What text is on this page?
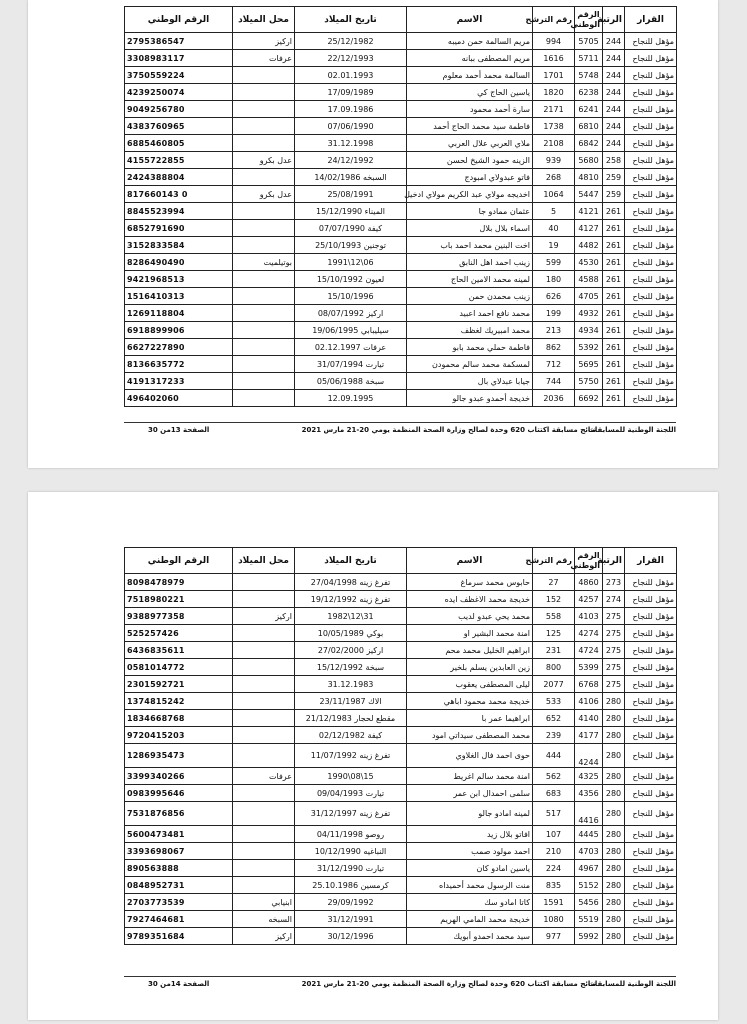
القرار	الرتبة	الرقم الوطني	رقم الترشح	الاسم	تاريخ الميلاد	محل الميلاد	الرقم الوطني
مؤهل للنجاح	244	5705	994	مريم السالمة حمن دميبه	25/12/1982	اركيز	2795386547
مؤهل للنجاح	244	5711	1616	مريم المصطفى ببانه	22/12/1993	عرفات	3308983117
مؤهل للنجاح	244	5748	1701	السالمة محمد أحمد معلوم	02.01.1993		3750559224
مؤهل للنجاح	244	6238	1820	ياسين الحاج كي	17/09/1989		4239250074
مؤهل للنجاح	244	6241	2171	سارة أحمد محمود	17.09.1986		9049256780
مؤهل للنجاح	244	6810	1738	فاطمة سيد محمد الحاج أحمد	07/06/1990		4383760965
مؤهل للنجاح	244	6842	2108	ملاي العربي علال العربي	31.12.1998		6885460805
مؤهل للنجاح	258	5680	939	الزينه حمود الشيخ لحسن	24/12/1992	عدل بكرو	4155722855
مؤهل للنجاح	259	4810	268	فاتو عبدولاي امبودج	السبخه 14/02/1986		2424388804
مؤهل للنجاح	259	5447	1064	اخديجه مولاي عبد الكريم مولاي ادخيل	25/08/1991	عدل بكرو	0 817660143
مؤهل للنجاح	261	4121	5	عثمان ممادو جا	الميناء 15/12/1990		8845523994
مؤهل للنجاح	261	4127	40	اسماء بلال بلال	كيفة 07/07/1990		6852791690
مؤهل للنجاح	261	4482	19	اخت البنين محمد احمد باب	توجنين 25/10/1993		3152833584
مؤهل للنجاح	261	4530	599	زينب احمد اهل النابق	06\12\1991	بوتيلميت	8286490490
مؤهل للنجاح	261	4588	180	لمينه محمد الامين الحاج	لعيون 15/10/1992		9421968513
مؤهل للنجاح	261	4705	626	زينب محمدن حمن	15/10/1996		1516410313
مؤهل للنجاح	261	4932	199	محمد نافع احمد اعبيد	اركيز 08/07/1992		1269118804
مؤهل للنجاح	261	4934	213	محمد امبيريك لغظف	سيليبابي 19/06/1995		6918899906
مؤهل للنجاح	261	5392	862	فاطمة حملي محمد بابو	عرفات 02.12.1997		6627227890
مؤهل للنجاح	261	5695	712	لمسكمة محمد سالم محمودن	تيارت 31/07/1994		8136635772
مؤهل للنجاح	261	5750	744	جيابا عبدلاي بال	سبخة 05/06/1988		4191317233
مؤهل للنجاح	261	6692	2036	خديجة أحمدو عبدو جالو	12.09.1995		496402060
اللجنة الوطنية للمسابقات -
نتائج مسابقة اكتتاب 620 وحدة لصالح وزارة الصحة المنظمة يومي 20-21 مارس 2021
الصفحة 13من 30
القرار	الرتبة	الرقم الوطني	رقم الترشح	الاسم	تاريخ الميلاد	محل الميلاد	الرقم الوطني
مؤهل للنجاح	273	4860	27	حابوس محمد سرماغ	تفرغ زينه 27/04/1998		8098478979
مؤهل للنجاح	274	4257	152	خديجة محمد الاغظف ايده	تفرغ زينه 19/12/1992		7518980221
مؤهل للنجاح	275	4103	558	محمد يحي عبدو لديب	31\12\1982	اركيز	9388977358
مؤهل للنجاح	275	4274	125	امنة محمد البشير او	بوكي 10/05/1989		525257426
مؤهل للنجاح	275	4724	231	ابراهيم الخليل محمد محم	اركيز 27/02/2000		6436835611
مؤهل للنجاح	275	5399	800	زين العابدين يسلم بلخير	سبخة 15/12/1992		0581014772
مؤهل للنجاح	275	6768	2077	ليلى المصطفى يعقوب	31.12.1983		2301592721
مؤهل للنجاح	280	4106	533	خديجة محمد محمود اباهي	الاك 23/11/1987		1374815242
مؤهل للنجاح	280	4140	652	ابراهيما عمر با	مقطع لحجار 21/12/1983		1834668768
مؤهل للنجاح	280	4177	239	محمد المصطفى سيداتي امود	كيفة 02/12/1982		9720415203
مؤهل للنجاح	280	4244	444	حوى احمد فال الغلاوي	تفرغ زينه 11/07/1992		1286935473
مؤهل للنجاح	280	4325	562	امنة محمد سالم اغريط	15\08\1990	عرفات	3399340266
مؤهل للنجاح	280	4356	683	سلمى احمدال ابن عمر	تيارت 09/04/1993		0983995646
مؤهل للنجاح	280	4416	517	لمينه امادو جالو	تفرغ زينه 31/12/1997		7531876856
مؤهل للنجاح	280	4445	107	افاتو بلال زيد	روصو 04/11/1998		5600473481
مؤهل للنجاح	280	4703	210	احمد مولود صمب	النباغيه 10/12/1990		3393698067
مؤهل للنجاح	280	4967	224	ياسين امادو كان	تيارت 31/12/1990		890563888
مؤهل للنجاح	280	5152	835	منت الرسول محمد أحميداه	كرمسين 25.10.1986		0848952731
مؤهل للنجاح	280	5456	1591	كاتا امادو سك	29/09/1992	ابنيابي	2703773539
مؤهل للنجاح	280	5519	1080	خديجة محمد المامي الهريم	31/12/1991	السبخه	7927464681
مؤهل للنجاح	280	5992	977	سيد محمد احمدو أبويك	30/12/1996	اركيز	9789351684
اللجنة الوطنية للمسابقات -
نتائج مسابقة اكتتاب 620 وحدة لصالح وزارة الصحة المنظمة يومي 20-21 مارس 2021
الصفحة 14من 30
